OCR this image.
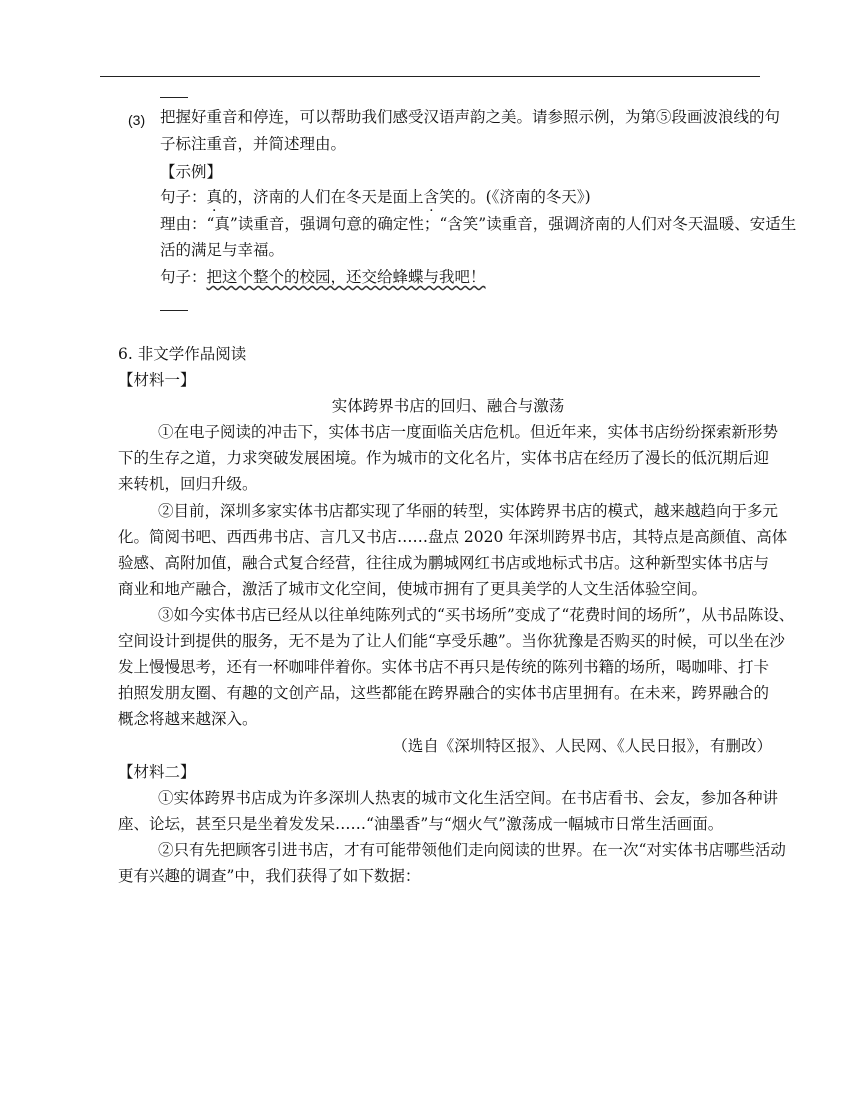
(3) 把握好重音和停连，可以帮助我们感受汉语声韵之美。请参照示例，为第⑤段画波浪线的句
子标注重音，并简述理由。
【示例】
句子：真的，济南的人们在冬天是面上含笑的。(《济南的冬天》)
理由：“真”读重音，强调句意的确定性；“含笑”读重音，强调济南的人们对冬天温暖、安适生
活的满足与幸福。
句子：把这个整个的校园，还交给蜂蝶与我吧！
6. 非文学作品阅读
【材料一】
实体跨界书店的回归、融合与激荡
①在电子阅读的冲击下，实体书店一度面临关店危机。但近年来，实体书店纷纷探索新形势
下的生存之道，力求突破发展困境。作为城市的文化名片，实体书店在经历了漫长的低沉期后迎
来转机，回归升级。
②目前，深圳多家实体书店都实现了华丽的转型，实体跨界书店的模式，越来越趋向于多元
化。简阅书吧、西西弗书店、言几又书店……盘点 2020 年深圳跨界书店，其特点是高颜值、高体
验感、高附加值，融合式复合经营，往往成为鹏城网红书店或地标式书店。这种新型实体书店与
商业和地产融合，激活了城市文化空间，使城市拥有了更具美学的人文生活体验空间。
③如今实体书店已经从以往单纯陈列式的“买书场所”变成了“花费时间的场所”，从书品陈设、
空间设计到提供的服务，无不是为了让人们能“享受乐趣”。当你犹豫是否购买的时候，可以坐在沙
发上慢慢思考，还有一杯咖啡伴着你。实体书店不再只是传统的陈列书籍的场所，喝咖啡、打卡
拍照发朋友圈、有趣的文创产品，这些都能在跨界融合的实体书店里拥有。在未来，跨界融合的
概念将越来越深入。
（选自《深圳特区报》、人民网、《人民日报》，有删改）
【材料二】
①实体跨界书店成为许多深圳人热衷的城市文化生活空间。在书店看书、会友，参加各种讲
座、论坛，甚至只是坐着发发呆……“油墨香”与“烟火气”激荡成一幅城市日常生活画面。
②只有先把顾客引进书店，才有可能带领他们走向阅读的世界。在一次“对实体书店哪些活动
更有兴趣的调查”中，我们获得了如下数据：
